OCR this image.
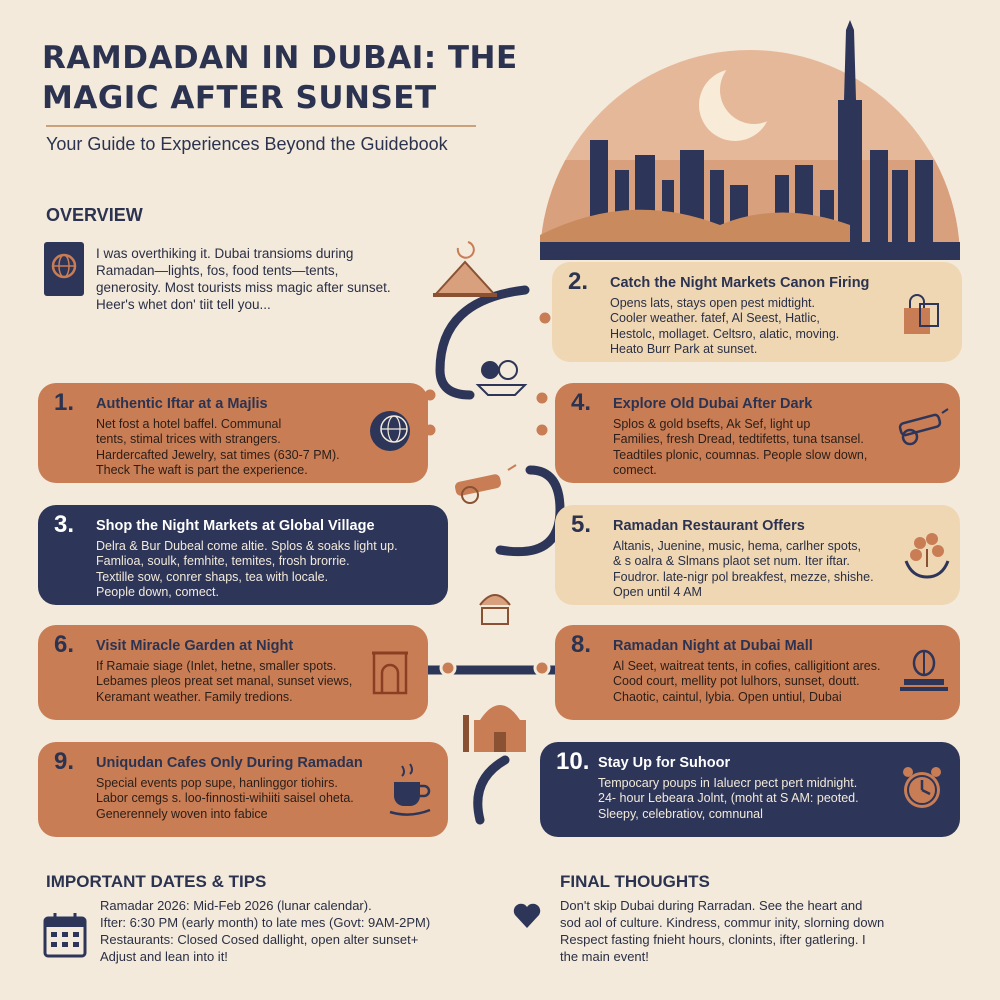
RAMDADAN IN DUBAI: THE MAGIC AFTER SUNSET
Your Guide to Experiences Beyond the Guidebook
OVERVIEW
I was overthiking it. Dubai transioms during Ramadan—lights, fos, food tents—tents, generosity. Most tourists miss magic after sunset. Heer's whet don' tiit tell you...
2. Catch the Night Markets Canon Firing
Opens lats, stays open pest midtight.
Cooler weather. fatef, Al Seest, Hatlic,
Hestolc, mollaget. Celtsro, alatic, moving.
Heato Burr Park at sunset.
1. Authentic Iftar at a Majlis
Net fost a hotel baffel. Communal
tents, stimal trices with strangers.
Hardercafted Jewelry, sat times (630-7 PM).
Theck The waft is part the experience.
4. Explore Old Dubai After Dark
Splos & gold bsefts, Ak Sef, light up
Families, fresh Dread, tedtifetts, tuna tsansel.
Teadtiles plonic, coumnas. People slow down,
comect.
3. Shop the Night Markets at Global Village
Delra & Bur Dubeal come altie. Splos & soaks light up.
Famlioa, soulk, femhite, temites, frosh brorrie.
Textille sow, conrer shaps, tea with locale.
People down, comect.
5. Ramadan Restaurant Offers
Altanis, Juenine, music, hema, carlher spots,
& s oalra & Slmans plaot set num. Iter iftar.
Foudror. late-nigr pol breakfest, mezze, shishe.
Open until 4 AM
6. Visit Miracle Garden at Night
If Ramaie siage (Inlet, hetne, smaller spots.
Lebames pleos preat set manal, sunset views,
Keramant weather. Family tredions.
8. Ramadan Night at Dubai Mall
Al Seet, waitreat tents, in cofies, calligitiont ares.
Cood court, mellity pot lulhors, sunset, doutt.
Chaotic, caintul, lybia. Open untiul, Dubai
9. Uniqudan Cafes Only During Ramadan
Special events pop supe, hanlinggor tiohirs.
Labor cemgs s. loo-finnosti-wihiiti saisel oheta.
Generennely woven into fabice
10. Stay Up for Suhoor
Tempocary poups in Ialuecr pect pert midnight.
24- hour Lebeara Jolnt, (moht at S AM: peoted.
Sleepy, celebratiov, comnunal
IMPORTANT DATES & TIPS
Ramadar 2026: Mid-Feb 2026 (lunar calendar).
Ifter: 6:30 PM (early month) to late mes (Govt: 9AM-2PM)
Restaurants: Closed Cosed dallight, open alter sunset+
Adjust and lean into it!
FINAL THOUGHTS
Don't skip Dubai during Rarradan. See the heart and
sod aol of culture. Kindress, commur inity, slorning down
Respect fasting fnieht hours, clonints, ifter gatlering. I
the main event!
